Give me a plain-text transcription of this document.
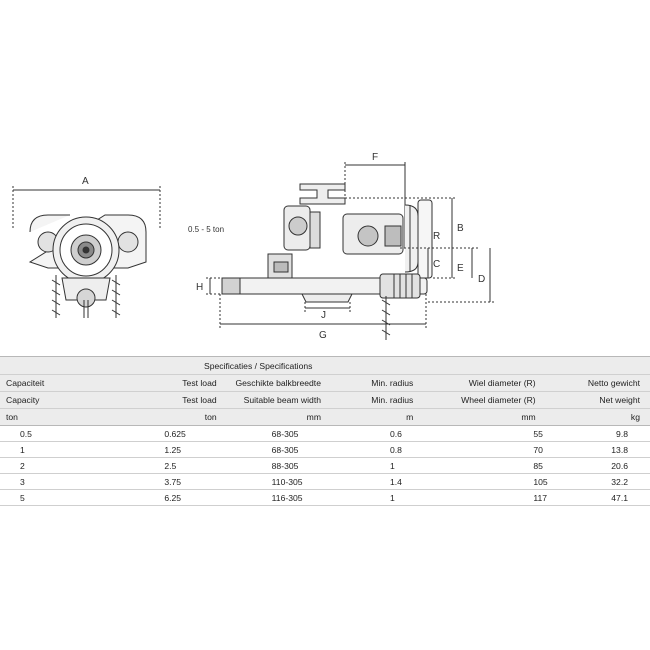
A
F
B
R
C E
D
H
J
G
0.5 - 5 ton
Specificaties / Specifications					
Capaciteit	Test load	Geschikte balkbreedte	Min. radius	Wiel diameter (R)	Netto gewicht
Capacity	Test load	Suitable beam width	Min. radius	Wheel diameter (R)	Net weight
ton	ton	mm	m	mm	kg
0.5	0.625	68-305	0.6	55	9.8
1	1.25	68-305	0.8	70	13.8
2	2.5	88-305	1	85	20.6
3	3.75	110-305	1.4	105	32.2
5	6.25	116-305	1	117	47.1
